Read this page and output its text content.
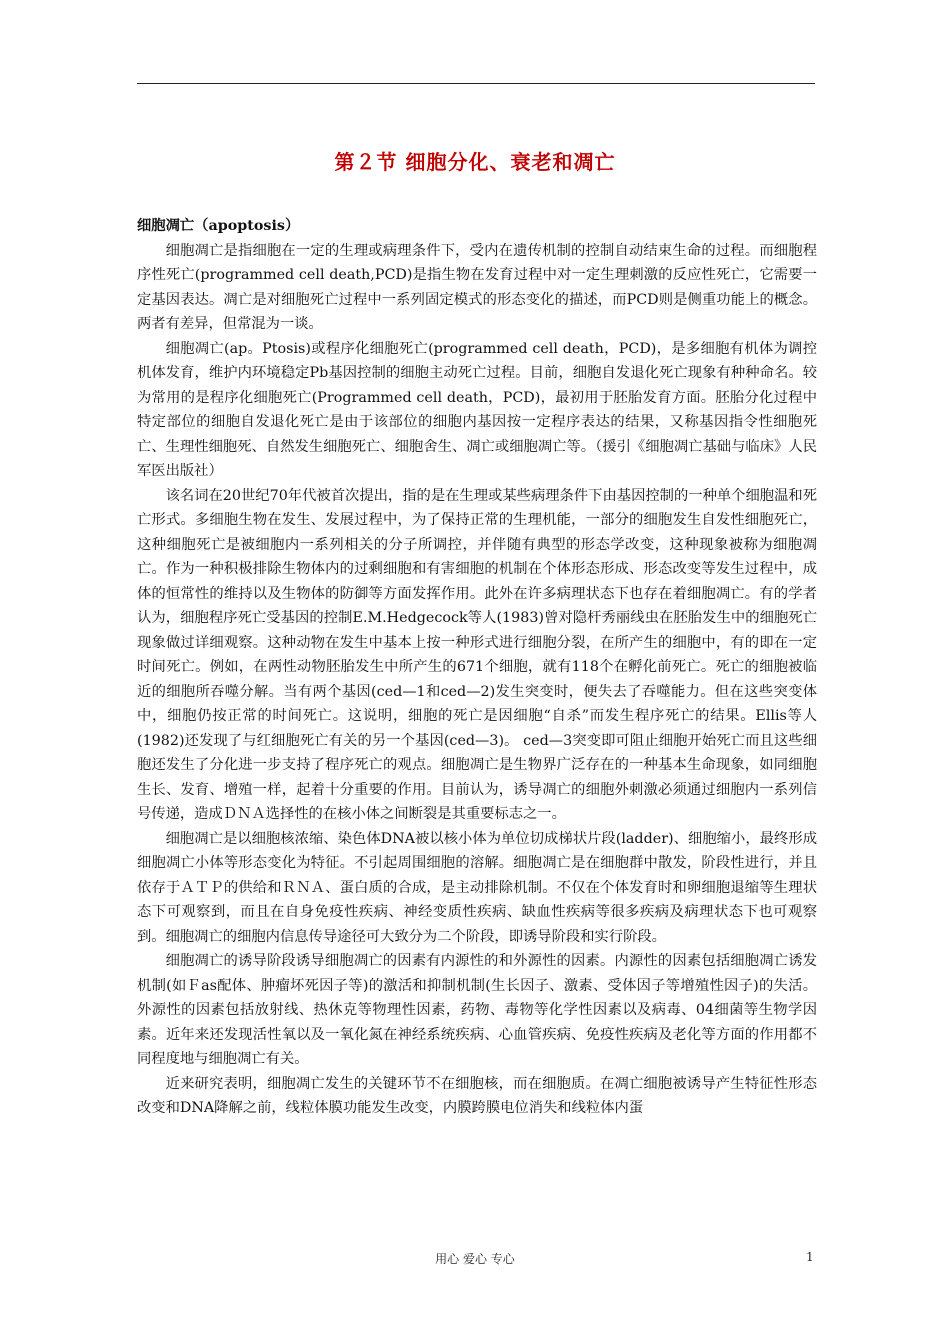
第２节 细胞分化、衰老和凋亡

细胞凋亡（apoptosis）

细胞凋亡是指细胞在一定的生理或病理条件下，受内在遗传机制的控制自动结束生命的过程。而细胞程序性死亡(programmed cell death,PCD)是指生物在发育过程中对一定生理刺激的反应性死亡，它需要一定基因表达。凋亡是对细胞死亡过程中一系列固定模式的形态变化的描述，而PCD则是侧重功能上的概念。两者有差异，但常混为一谈。

细胞凋亡(ap。Ptosis)或程序化细胞死亡(programmed cell death，PCD)，是多细胞有机体为调控机体发育，维护内环境稳定Pb基因控制的细胞主动死亡过程。目前，细胞自发退化死亡现象有种种命名。较为常用的是程序化细胞死亡(Programmed cell death，PCD)，最初用于胚胎发育方面。胚胎分化过程中特定部位的细胞自发退化死亡是由于该部位的细胞内基因按一定程序表达的结果，又称基因指令性细胞死亡、生理性细胞死、自然发生细胞死亡、细胞舍生、凋亡或细胞凋亡等。（援引《细胞凋亡基础与临床》人民军医出版社）

该名词在20世纪70年代被首次提出，指的是在生理或某些病理条件下由基因控制的一种单个细胞温和死亡形式。多细胞生物在发生、发展过程中，为了保持正常的生理机能，一部分的细胞发生自发性细胞死亡，这种细胞死亡是被细胞内一系列相关的分子所调控，并伴随有典型的形态学改变，这种现象被称为细胞凋亡。作为一种积极排除生物体内的过剩细胞和有害细胞的机制在个体形态形成、形态改变等发生过程中，成体的恒常性的维持以及生物体的防御等方面发挥作用。此外在许多病理状态下也存在着细胞凋亡。有的学者认为，细胞程序死亡受基因的控制E.M.Hedgecock等人(1983)曾对隐杆秀丽线虫在胚胎发生中的细胞死亡现象做过详细观察。这种动物在发生中基本上按一种形式进行细胞分裂，在所产生的细胞中，有的即在一定时间死亡。例如，在两性动物胚胎发生中所产生的671个细胞，就有118个在孵化前死亡。死亡的细胞被临近的细胞所吞噬分解。当有两个基因(ced—1和ced—2)发生突变时，便失去了吞噬能力。但在这些突变体中，细胞仍按正常的时间死亡。这说明，细胞的死亡是因细胞“自杀”而发生程序死亡的结果。Ellis等人(1982)还发现了与红细胞死亡有关的另一个基因(ced—3)。 ced—3突变即可阻止细胞开始死亡而且这些细胞还发生了分化进一步支持了程序死亡的观点。细胞凋亡是生物界广泛存在的一种基本生命现象，如同细胞生长、发育、增殖一样，起着十分重要的作用。目前认为，诱导凋亡的细胞外刺激必须通过细胞内一系列信号传递，造成ＤＮＡ选择性的在核小体之间断裂是其重要标志之一。

细胞凋亡是以细胞核浓缩、染色体DNA被以核小体为单位切成梯状片段(ladder)、细胞缩小，最终形成细胞凋亡小体等形态变化为特征。不引起周围细胞的溶解。细胞凋亡是在细胞群中散发，阶段性进行，并且依存于ＡＴＰ的供给和ＲＮＡ、蛋白质的合成，是主动排除机制。不仅在个体发育时和卵细胞退缩等生理状态下可观察到，而且在自身免疫性疾病、神经变质性疾病、缺血性疾病等很多疾病及病理状态下也可观察到。细胞凋亡的细胞内信息传导途径可大致分为二个阶段，即诱导阶段和实行阶段。

细胞凋亡的诱导阶段诱导细胞凋亡的因素有内源性的和外源性的因素。内源性的因素包括细胞凋亡诱发机制(如Ｆas配体、肿瘤坏死因子等)的激活和抑制机制(生长因子、激素、受体因子等增殖性因子)的失活。外源性的因素包括放射线、热休克等物理性因素，药物、毒物等化学性因素以及病毒、04细菌等生物学因素。近年来还发现活性氧以及一氧化氮在神经系统疾病、心血管疾病、免疫性疾病及老化等方面的作用都不同程度地与细胞凋亡有关。

近来研究表明，细胞凋亡发生的关键环节不在细胞核，而在细胞质。在凋亡细胞被诱导产生特征性形态改变和DNA降解之前，线粒体膜功能发生改变，内膜跨膜电位消失和线粒体内蛋

用心 爱心 专心	1
